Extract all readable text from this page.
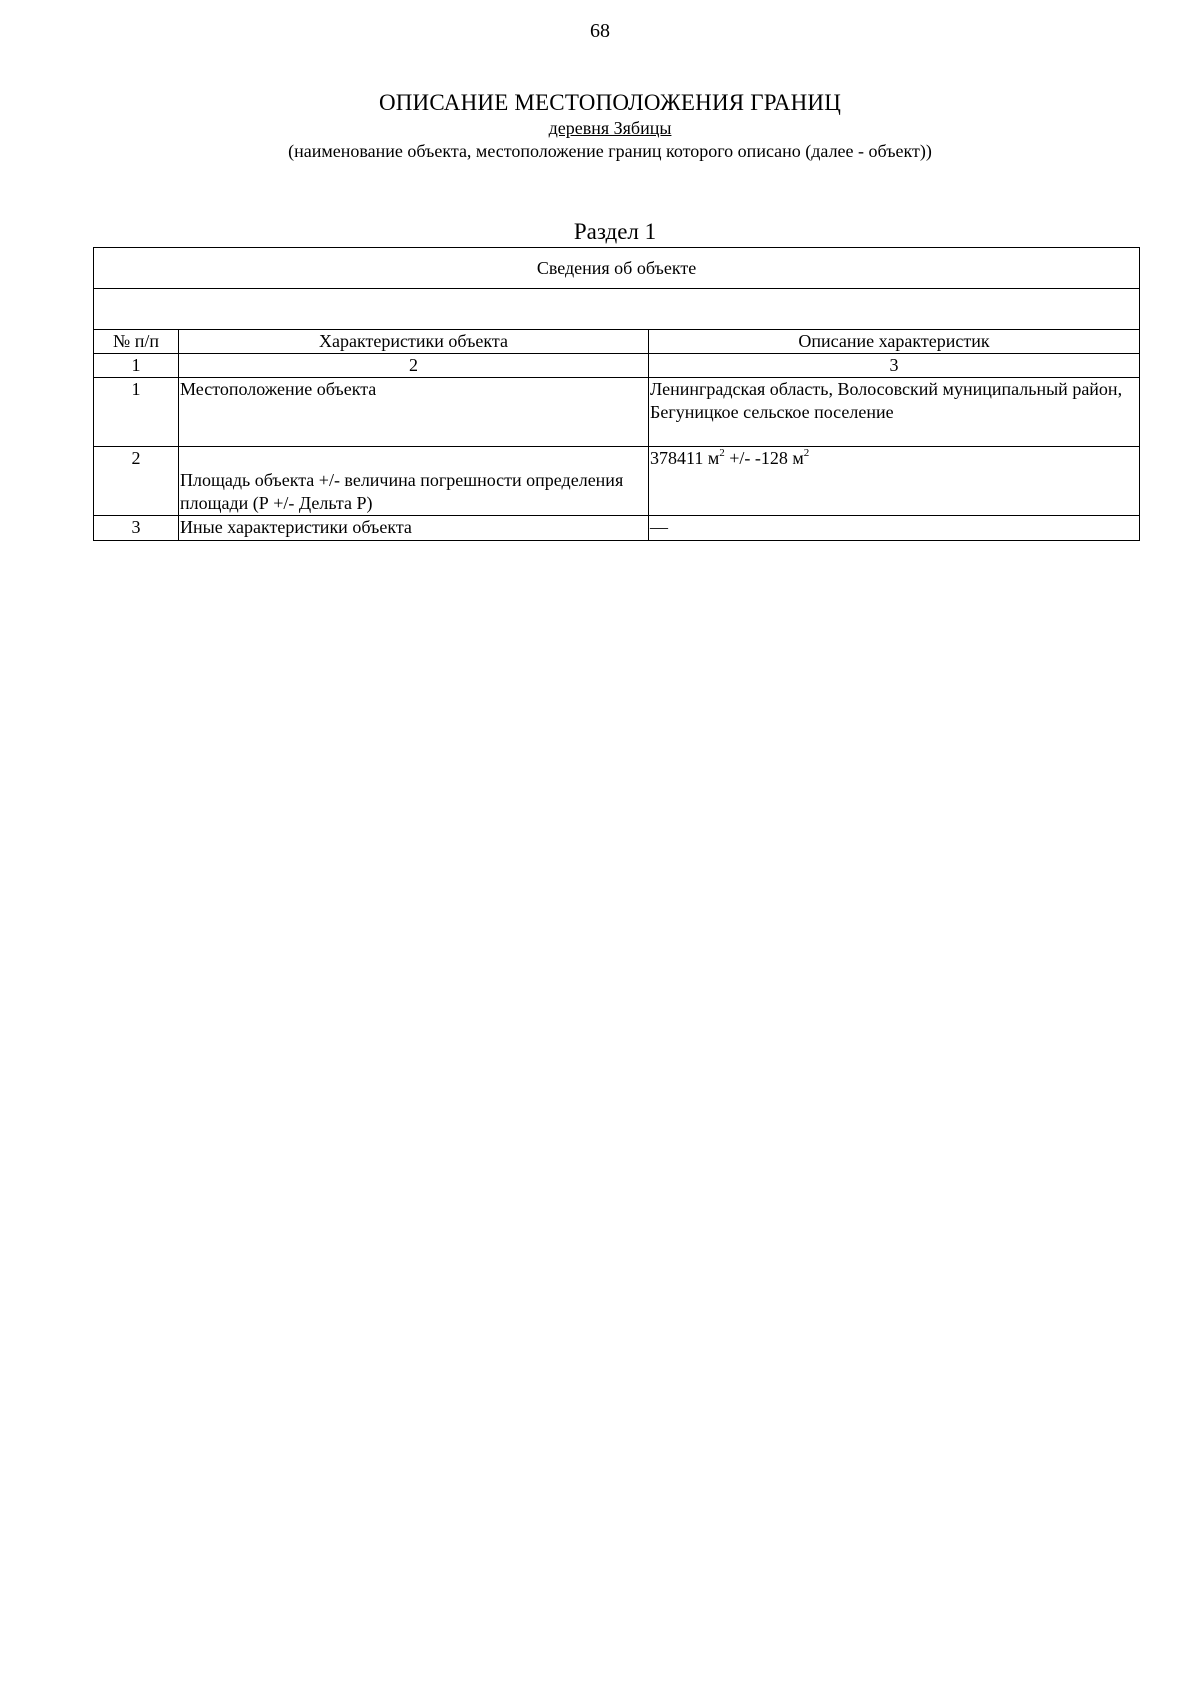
68
ОПИСАНИЕ МЕСТОПОЛОЖЕНИЯ ГРАНИЦ
деревня Зябицы
(наименование объекта, местоположение границ которого описано (далее - объект))
Раздел 1
Сведения об объекте		

№ п/п	Характеристики объекта	Описание характеристик
1	2	3
1	Местоположение объекта	Ленинградская область, Волосовский муниципальный район, Бегуницкое сельское поселение
2	Площадь объекта +/- величина погрешности определения площади (Р +/- Дельта Р)	378411 $м^2$ +/- -128 $м^2$
3	Иные характеристики объекта	—
